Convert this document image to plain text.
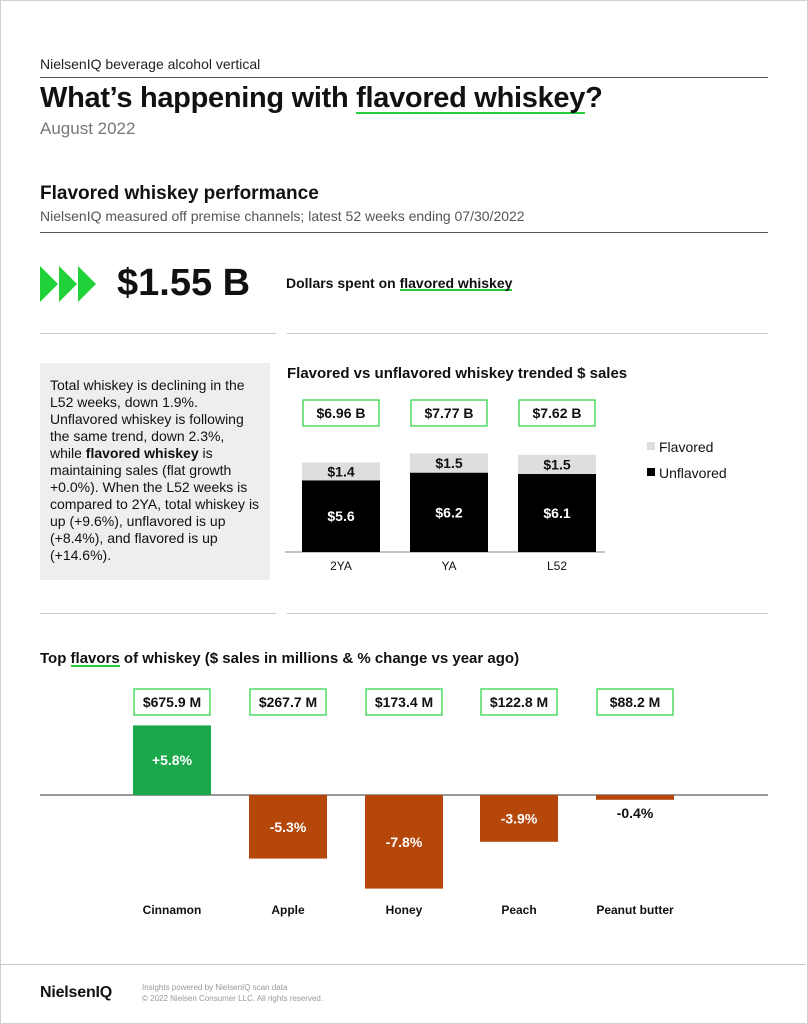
NielsenIQ beverage alcohol vertical
What’s happening with flavored whiskey?
August 2022
Flavored whiskey performance
NielsenIQ measured off premise channels; latest 52 weeks ending 07/30/2022
$1.55 B	Dollars spent on flavored whiskey
Total whiskey is declining in the L52 weeks, down 1.9%. Unflavored whiskey is following the same trend, down 2.3%, while flavored whiskey is maintaining sales (flat growth +0.0%). When the L52 weeks is compared to 2YA, total whiskey is up (+9.6%), unflavored is up (+8.4%), and flavored is up (+14.6%).
Flavored vs unflavored whiskey trended $ sales
$5.6
$1.4
$6.96 B
2YA
$6.2
$1.5
$7.77 B
YA
$6.1
$1.5
$7.62 B
L52
Flavored
Unflavored
Top flavors of whiskey ($ sales in millions & % change vs year ago)
+5.8%
$675.9 M
Cinnamon
-5.3%
$267.7 M
Apple
-7.8%
$173.4 M
Honey
-3.9%
$122.8 M
Peach
-0.4%
$88.2 M
Peanut butter
NielsenIQ	Insights powered by NielsenIQ scan data
© 2022 Nielsen Consumer LLC. All rights reserved.
